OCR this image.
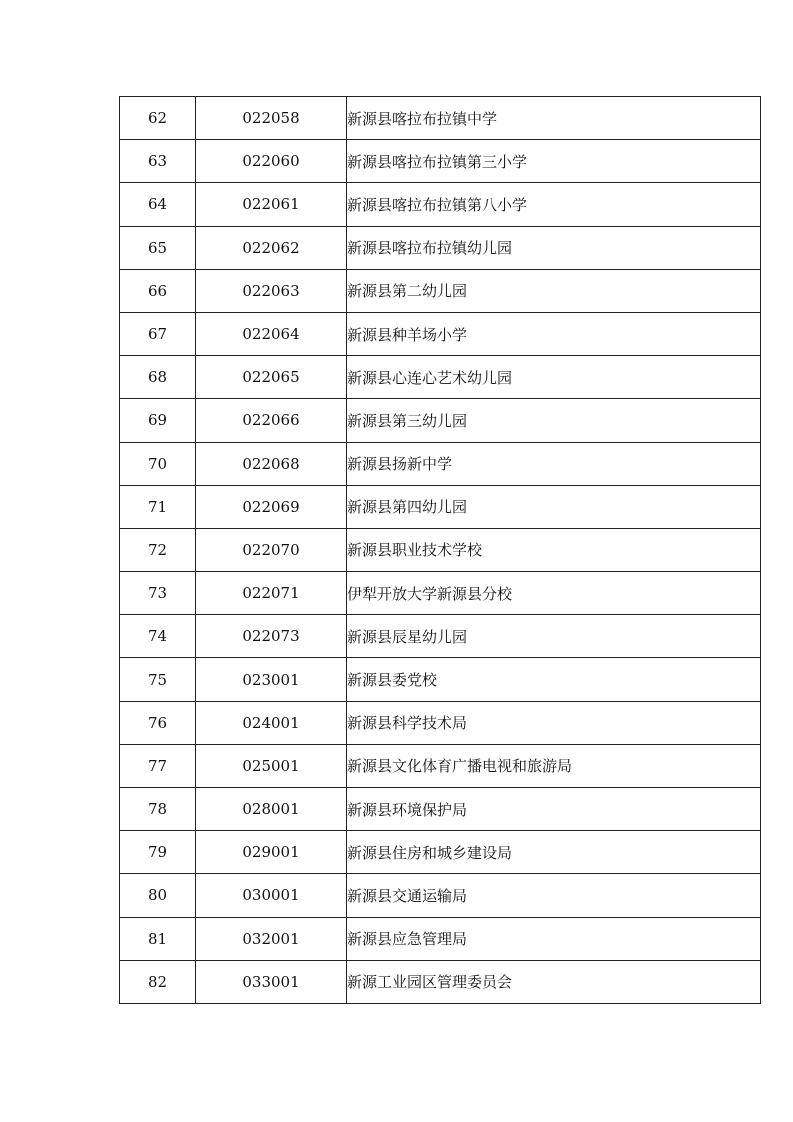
62	022058	新源县喀拉布拉镇中学
63	022060	新源县喀拉布拉镇第三小学
64	022061	新源县喀拉布拉镇第八小学
65	022062	新源县喀拉布拉镇幼儿园
66	022063	新源县第二幼儿园
67	022064	新源县种羊场小学
68	022065	新源县心连心艺术幼儿园
69	022066	新源县第三幼儿园
70	022068	新源县扬新中学
71	022069	新源县第四幼儿园
72	022070	新源县职业技术学校
73	022071	伊犁开放大学新源县分校
74	022073	新源县辰星幼儿园
75	023001	新源县委党校
76	024001	新源县科学技术局
77	025001	新源县文化体育广播电视和旅游局
78	028001	新源县环境保护局
79	029001	新源县住房和城乡建设局
80	030001	新源县交通运输局
81	032001	新源县应急管理局
82	033001	新源工业园区管理委员会
